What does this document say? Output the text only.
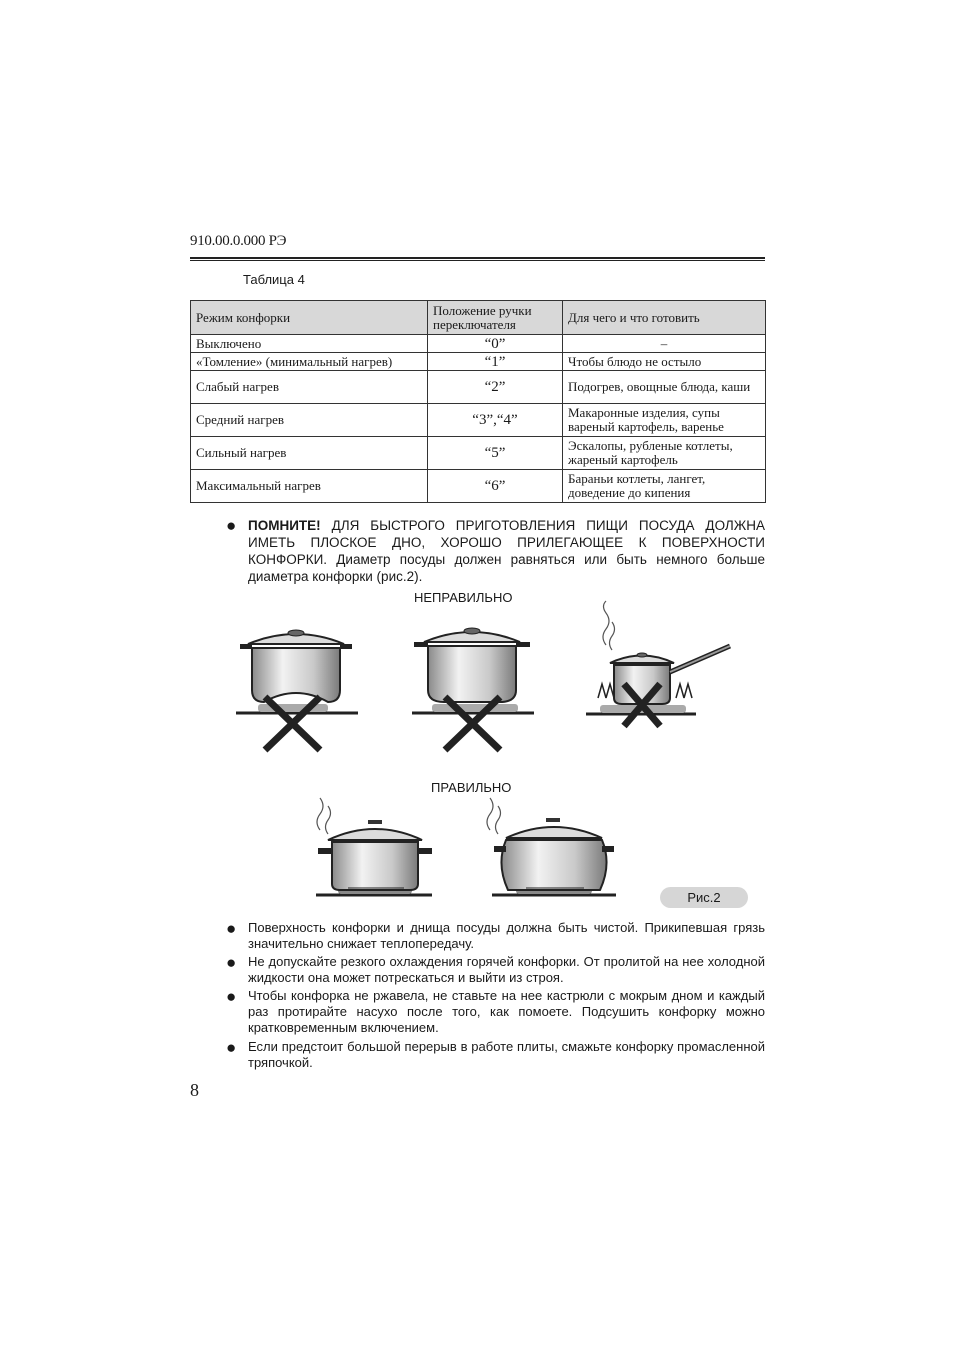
910.00.0.000 РЭ
Таблица 4
Режим конфорки	Положение ручки переключателя	Для чего и что готовить
Выключено	“0”	–
«Томление» (минимальный нагрев)	“1”	Чтобы блюдо не остыло
Слабый нагрев	“2”	Подогрев, овощные блюда, каши
Средний нагрев	“3”,“4”	Макаронные изделия, супы вареный картофель, варенье
Сильный нагрев	“5”	Эскалопы, рубленые котлеты, жареный картофель
Максимальный нагрев	“6”	Бараньи котлеты, лангет, доведение до кипения
● ПОМНИТЕ! ДЛЯ БЫСТРОГО ПРИГОТОВЛЕНИЯ ПИЩИ ПОСУДА ДОЛЖНА ИМЕТЬ ПЛОСКОЕ ДНО, ХОРОШО ПРИЛЕГАЮЩЕЕ К ПОВЕРХНОСТИ КОНФОРКИ. Диаметр посуды должен равняться или быть немного больше диаметра конфорки (рис.2).
НЕПРАВИЛЬНО
ПРАВИЛЬНО
Рис.2
● Поверхность конфорки и днища посуды должна быть чистой. Прикипевшая грязь значительно снижает теплопередачу.
● Не допускайте резкого охлаждения горячей конфорки. От пролитой на нее холодной жидкости она может потрескаться и выйти из строя.
● Чтобы конфорка не ржавела, не ставьте на нее кастрюли с мокрым дном и каждый раз протирайте насухо после того, как помоете. Подсушить конфорку можно кратковременным включением.
● Если предстоит большой перерыв в работе плиты, смажьте конфорку промасленной тряпочкой.
8
